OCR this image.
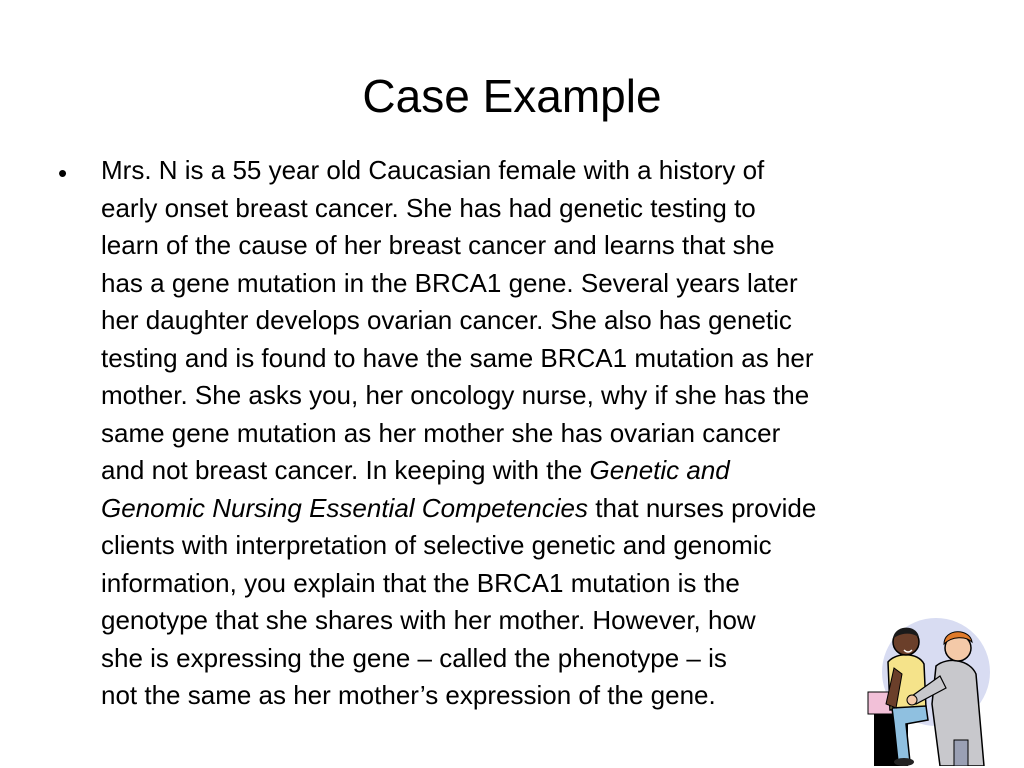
Case Example
• Mrs. N is a 55 year old Caucasian female with a history of
early onset breast cancer. She has had genetic testing to
learn of the cause of her breast cancer and learns that she
has a gene mutation in the BRCA1 gene. Several years later
her daughter develops ovarian cancer. She also has genetic
testing and is found to have the same BRCA1 mutation as her
mother. She asks you, her oncology nurse, why if she has the
same gene mutation as her mother she has ovarian cancer
and not breast cancer. In keeping with the Genetic and
Genomic Nursing Essential Competencies that nurses provide
clients with interpretation of selective genetic and genomic
information, you explain that the BRCA1 mutation is the
genotype that she shares with her mother. However, how
she is expressing the gene – called the phenotype – is
not the same as her mother’s expression of the gene.
